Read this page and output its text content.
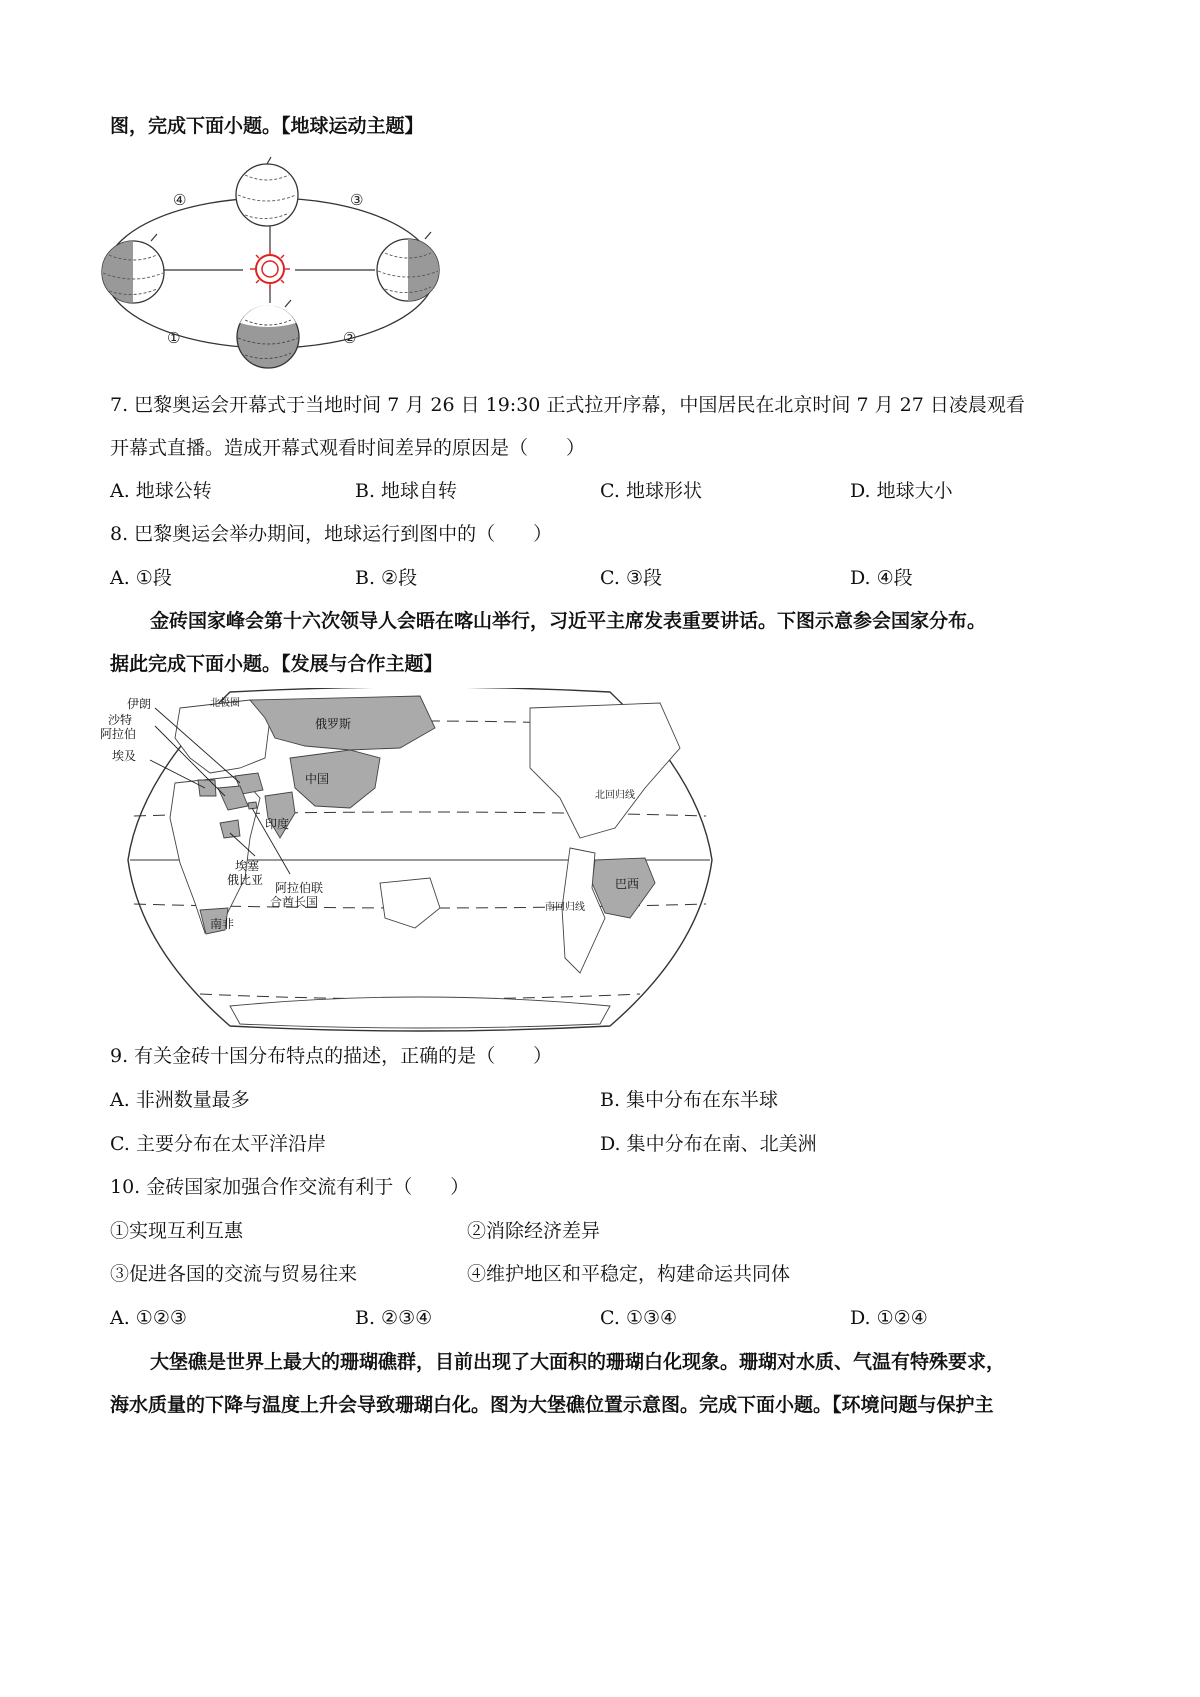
图，完成下面小题。【地球运动主题】
④	③
①	②
7. 巴黎奥运会开幕式于当地时间 7 月 26 日 19:30 正式拉开序幕，中国居民在北京时间 7 月 27 日凌晨观看
开幕式直播。造成开幕式观看时间差异的原因是（　　）
A. 地球公转	B. 地球自转	C. 地球形状	D. 地球大小
8. 巴黎奥运会举办期间，地球运行到图中的（　　）
A. ①段	B. ②段	C. ③段	D. ④段
金砖国家峰会第十六次领导人会晤在喀山举行，习近平主席发表重要讲话。下图示意参会国家分布。
据此完成下面小题。【发展与合作主题】
伊朗
沙特
阿拉伯
埃及
北极圈
俄罗斯
中国
印度
北回归线
埃塞
俄比亚
阿拉伯联
合酋长国	南回归线
巴西
南非
9. 有关金砖十国分布特点的描述，正确的是（　　）
A. 非洲数量最多	B. 集中分布在东半球
C. 主要分布在太平洋沿岸	D. 集中分布在南、北美洲
10. 金砖国家加强合作交流有利于（　　）
①实现互利互惠	②消除经济差异
③促进各国的交流与贸易往来	④维护地区和平稳定，构建命运共同体
A. ①②③	B. ②③④	C. ①③④	D. ①②④
大堡礁是世界上最大的珊瑚礁群，目前出现了大面积的珊瑚白化现象。珊瑚对水质、气温有特殊要求，
海水质量的下降与温度上升会导致珊瑚白化。图为大堡礁位置示意图。完成下面小题。【环境问题与保护主
